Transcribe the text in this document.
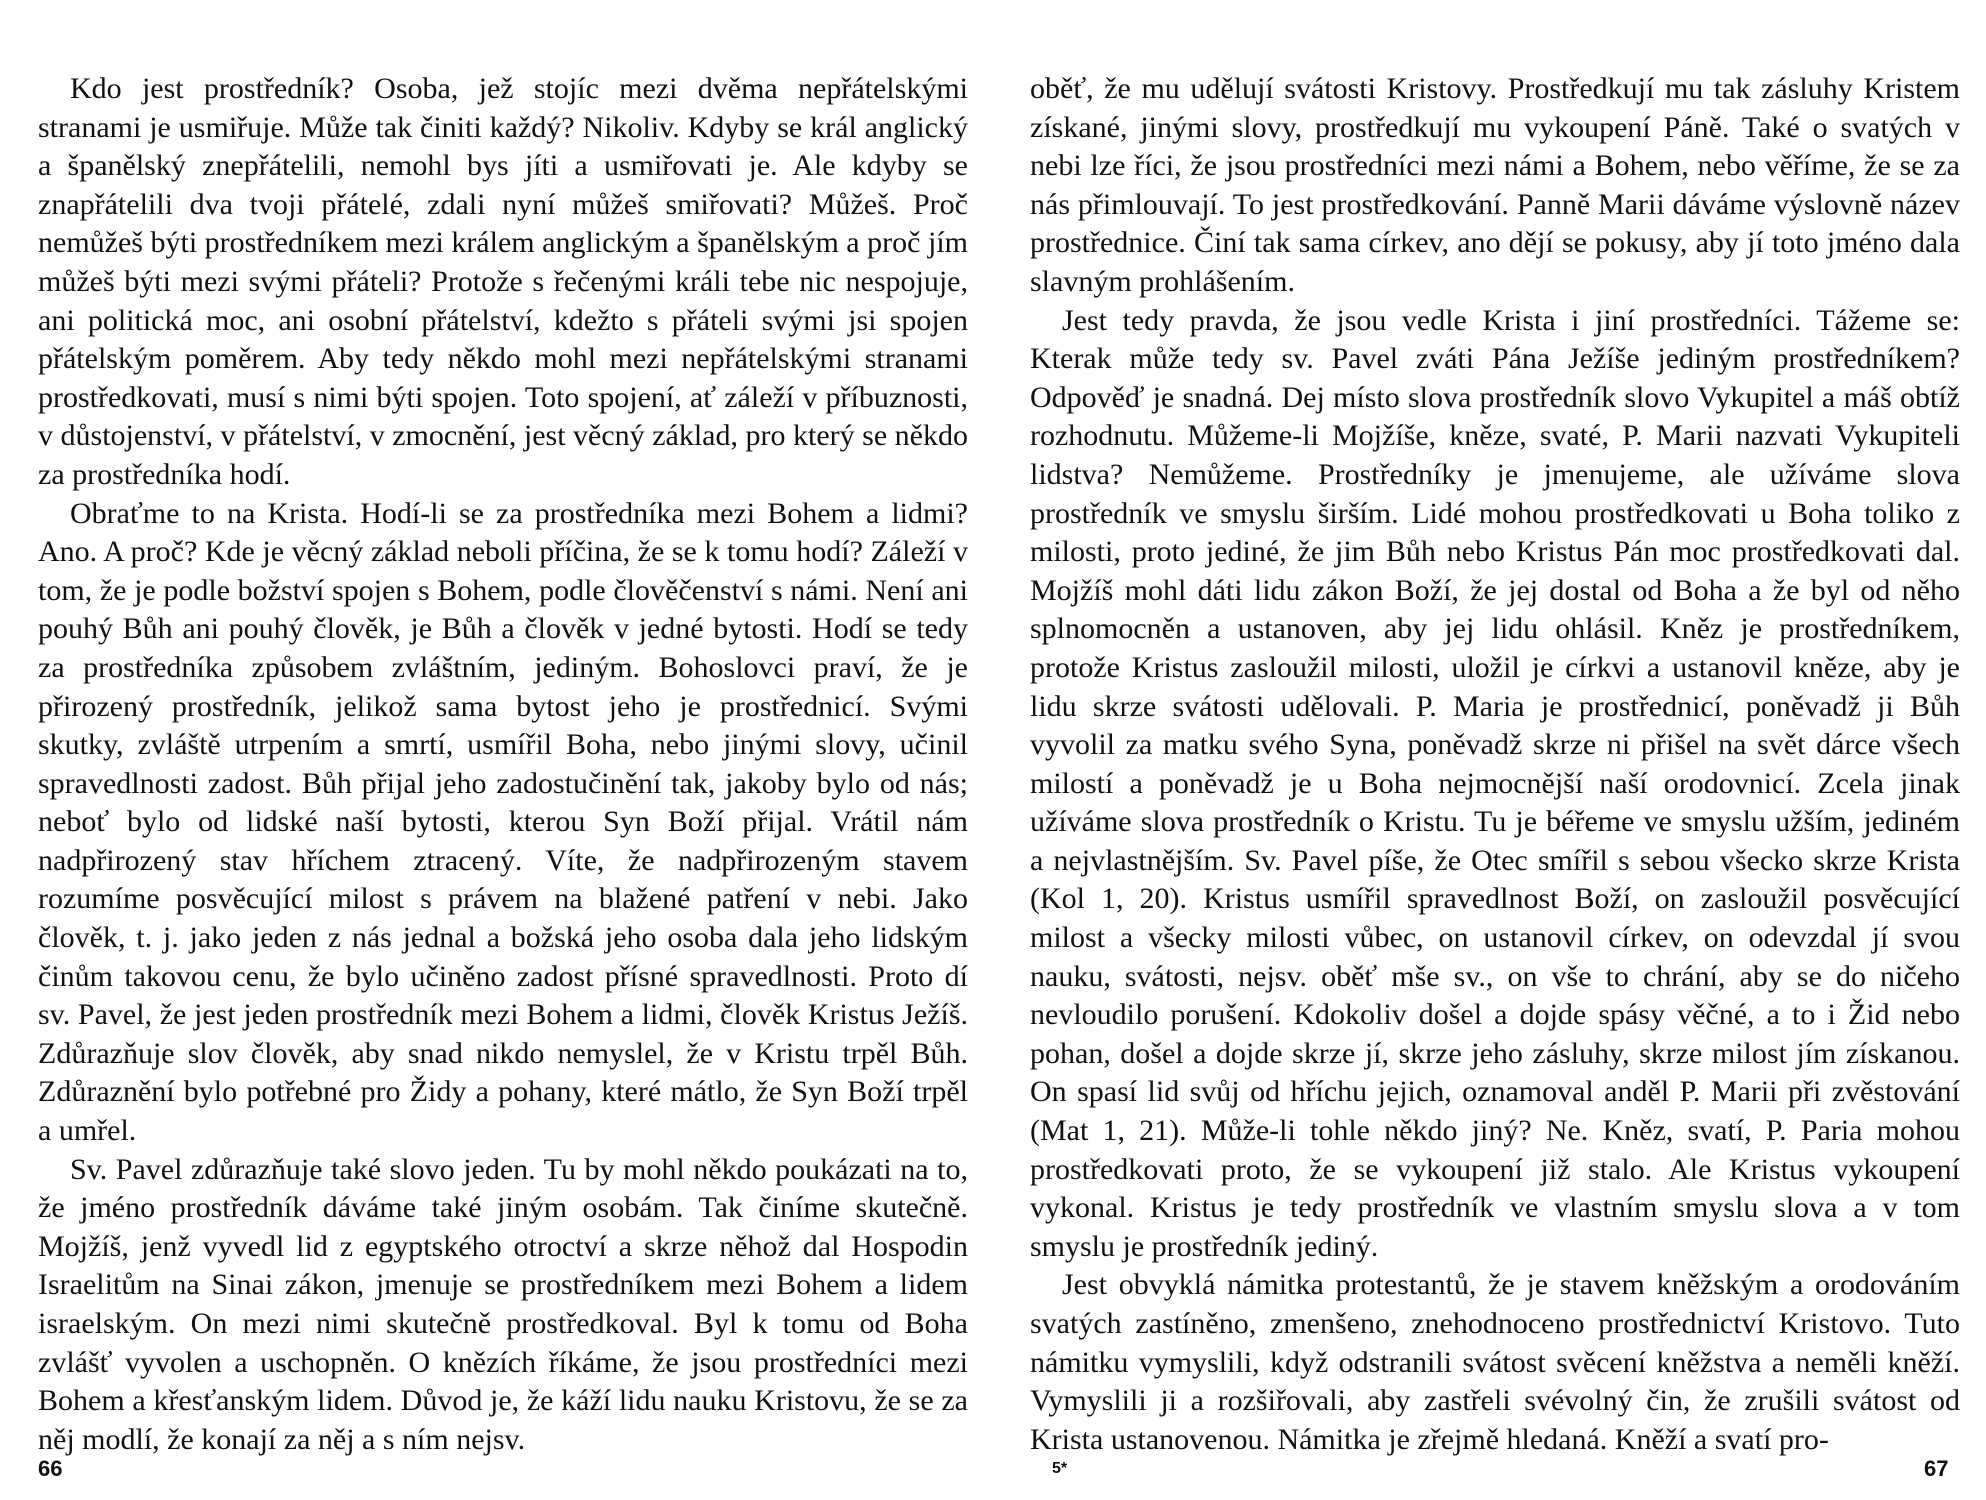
Kdo jest prostředník? Osoba, jež stojíc mezi dvěma nepřátelskými stranami je usmiřuje. Může tak činiti každý? Nikoliv. Kdyby se král anglický a španělský znepřátelili, nemohl bys jíti a usmiřovati je. Ale kdyby se znapřátelili dva tvoji přátelé, zdali nyní můžeš smiřovati? Můžeš. Proč nemůžeš býti prostředníkem mezi králem anglickým a španělským a proč jím můžeš býti mezi svými přáteli? Protože s řečenými králi tebe nic nespojuje, ani politická moc, ani osobní přátelství, kdežto s přáteli svými jsi spojen přátelským poměrem. Aby tedy někdo mohl mezi nepřátelskými stranami prostředkovati, musí s nimi býti spojen. Toto spojení, ať záleží v příbuznosti, v důstojenství, v přátelství, v zmocnění, jest věcný základ, pro který se někdo za prostředníka hodí.

Obraťme to na Krista. Hodí-li se za prostředníka mezi Bohem a lidmi? Ano. A proč? Kde je věcný základ neboli příčina, že se k tomu hodí? Záleží v tom, že je podle božství spojen s Bohem, podle člověčenství s námi. Není ani pouhý Bůh ani pouhý člověk, je Bůh a člověk v jedné bytosti. Hodí se tedy za prostředníka způsobem zvláštním, jediným. Bohoslovci praví, že je přirozený prostředník, jelikož sama bytost jeho je prostřednicí. Svými skutky, zvláště utrpením a smrtí, usmířil Boha, nebo jinými slovy, učinil spravedlnosti zadost. Bůh přijal jeho zadostučinění tak, jakoby bylo od nás; neboť bylo od lidské naší bytosti, kterou Syn Boží přijal. Vrátil nám nadpřirozený stav hříchem ztracený. Víte, že nadpřirozeným stavem rozumíme posvěcující milost s právem na blažené patření v nebi. Jako člověk, t. j. jako jeden z nás jednal a božská jeho osoba dala jeho lidským činům takovou cenu, že bylo učiněno zadost přísné spravedlnosti. Proto dí sv. Pavel, že jest jeden prostředník mezi Bohem a lidmi, člověk Kristus Ježíš. Zdůrazňuje slov člověk, aby snad nikdo nemyslel, že v Kristu trpěl Bůh. Zdůraznění bylo potřebné pro Židy a pohany, které mátlo, že Syn Boží trpěl a umřel.

Sv. Pavel zdůrazňuje také slovo jeden. Tu by mohl někdo poukázati na to, že jméno prostředník dáváme také jiným osobám. Tak činíme skutečně. Mojžíš, jenž vyvedl lid z egyptského otroctví a skrze něhož dal Hospodin Israelitům na Sinai zákon, jmenuje se prostředníkem mezi Bohem a lidem israelským. On mezi nimi skutečně prostředkoval. Byl k tomu od Boha zvlášť vyvolen a uschopněn. O knězích říkáme, že jsou prostředníci mezi Bohem a křesťanským lidem. Důvod je, že káží lidu nauku Kristovu, že se za něj modlí, že konají za něj a s ním nejsv.

oběť, že mu udělují svátosti Kristovy. Prostředkují mu tak zásluhy Kristem získané, jinými slovy, prostředkují mu vykoupení Páně. Také o svatých v nebi lze říci, že jsou prostředníci mezi námi a Bohem, nebo věříme, že se za nás přimlouvají. To jest prostředkování. Panně Marii dáváme výslovně název prostřednice. Činí tak sama církev, ano dějí se pokusy, aby jí toto jméno dala slavným prohlášením.

Jest tedy pravda, že jsou vedle Krista i jiní prostředníci. Tážeme se: Kterak může tedy sv. Pavel zváti Pána Ježíše jediným prostředníkem? Odpověď je snadná. Dej místo slova prostředník slovo Vykupitel a máš obtíž rozhodnutu. Můžeme-li Mojžíše, kněze, svaté, P. Marii nazvati Vykupiteli lidstva? Nemůžeme. Prostředníky je jmenujeme, ale užíváme slova prostředník ve smyslu širším. Lidé mohou prostředkovati u Boha toliko z milosti, proto jediné, že jim Bůh nebo Kristus Pán moc prostředkovati dal. Mojžíš mohl dáti lidu zákon Boží, že jej dostal od Boha a že byl od něho splnomocněn a ustanoven, aby jej lidu ohlásil. Kněz je prostředníkem, protože Kristus zasloužil milosti, uložil je církvi a ustanovil kněze, aby je lidu skrze svátosti udělovali. P. Maria je prostřednicí, poněvadž ji Bůh vyvolil za matku svého Syna, poněvadž skrze ni přišel na svět dárce všech milostí a poněvadž je u Boha nejmocnější naší orodovnicí. Zcela jinak užíváme slova prostředník o Kristu. Tu je béřeme ve smyslu užším, jediném a nejvlastnějším. Sv. Pavel píše, že Otec smířil s sebou všecko skrze Krista (Kol 1, 20). Kristus usmířil spravedlnost Boží, on zasloužil posvěcující milost a všecky milosti vůbec, on ustanovil církev, on odevzdal jí svou nauku, svátosti, nejsv. oběť mše sv., on vše to chrání, aby se do ničeho nevloudilo porušení. Kdokoliv došel a dojde spásy věčné, a to i Žid nebo pohan, došel a dojde skrze jí, skrze jeho zásluhy, skrze milost jím získanou. On spasí lid svůj od hříchu jejich, oznamoval anděl P. Marii při zvěstování (Mat 1, 21). Může-li tohle někdo jiný? Ne. Kněz, svatí, P. Paria mohou prostředkovati proto, že se vykoupení již stalo. Ale Kristus vykoupení vykonal. Kristus je tedy prostředník ve vlastním smyslu slova a v tom smyslu je prostředník jediný.

Jest obvyklá námitka protestantů, že je stavem kněžským a orodováním svatých zastíněno, zmenšeno, znehodnoceno prostřednictví Kristovo. Tuto námitku vymyslili, když odstranili svátost svěcení kněžstva a neměli kněží. Vymyslili ji a rozšiřovali, aby zastřeli svévolný čin, že zrušili svátost od Krista ustanovenou. Námitka je zřejmě hledaná. Kněží a svatí pro-

66	5*	67
